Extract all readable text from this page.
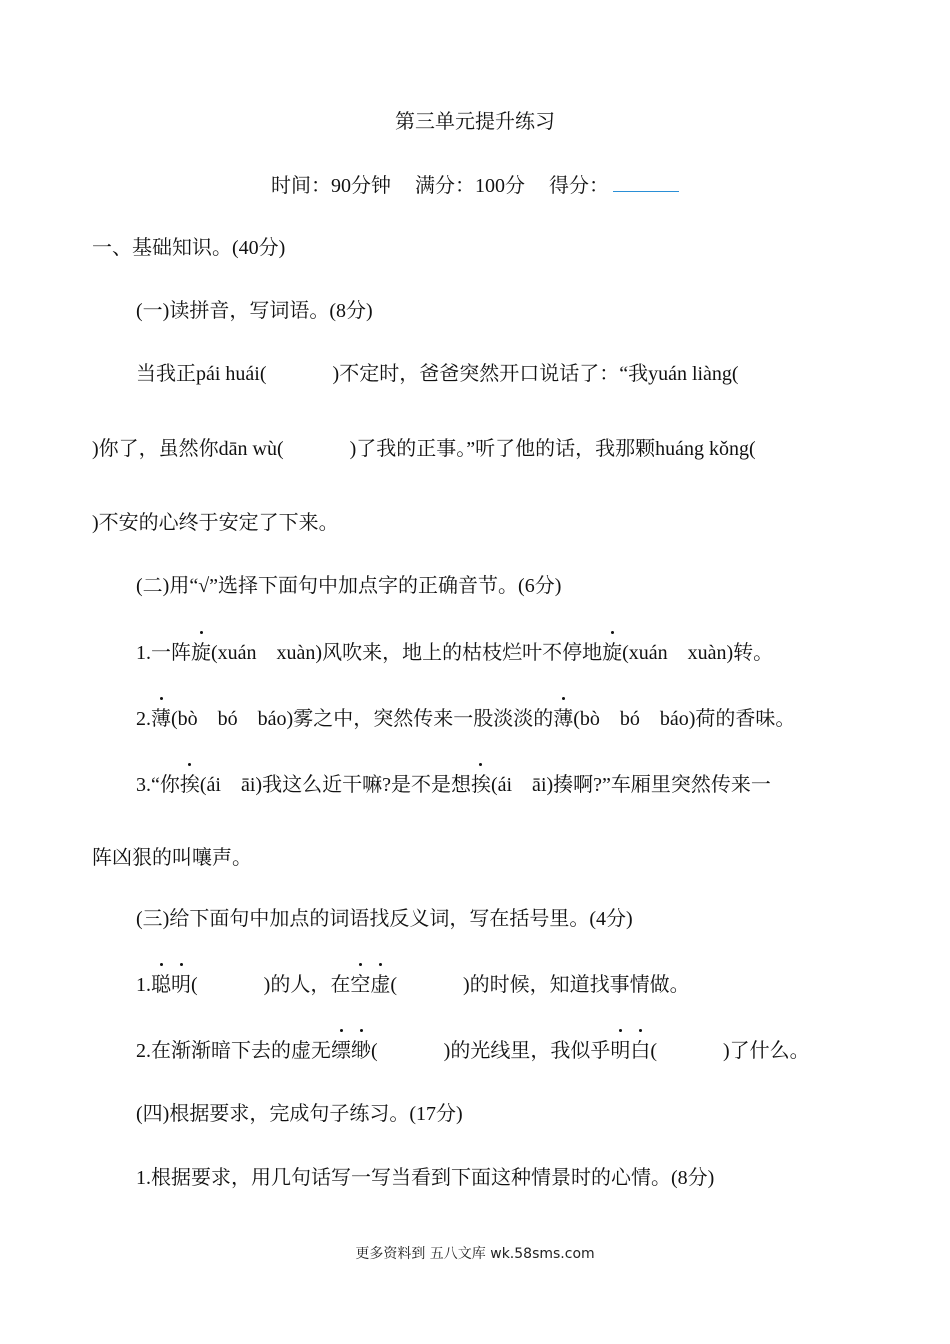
第三单元提升练习
时间：90分钟 满分：100分 得分：
一、基础知识。(40分)
(一)读拼音，写词语。(8分)
当我正pái huái(	)不定时，爸爸突然开口说话了：“我yuán liàng(
)你了，虽然你dān wù(	)了我的正事。”听了他的话，我那颗huáng kǒng(
)不安的心终于安定了下来。
(二)用“√”选择下面句中加点字的正确音节。(6分)
1.一阵旋(xuán　xuàn)风吹来，地上的枯枝烂叶不停地旋(xuán　xuàn)转。
2.薄(bò　bó　báo)雾之中，突然传来一股淡淡的薄(bò　bó　báo)荷的香味。
3.“你挨(ái　āi)我这么近干嘛?是不是想挨(ái　āi)揍啊?”车厢里突然传来一
阵凶狠的叫嚷声。
(三)给下面句中加点的词语找反义词，写在括号里。(4分)
1.聪明(	)的人，在空虚(	)的时候，知道找事情做。
2.在渐渐暗下去的虚无缥缈(	)的光线里，我似乎明白(	)了什么。
(四)根据要求，完成句子练习。(17分)
1.根据要求，用几句话写一写当看到下面这种情景时的心情。(8分)
更多资料到 五八文库 wk.58sms.com
